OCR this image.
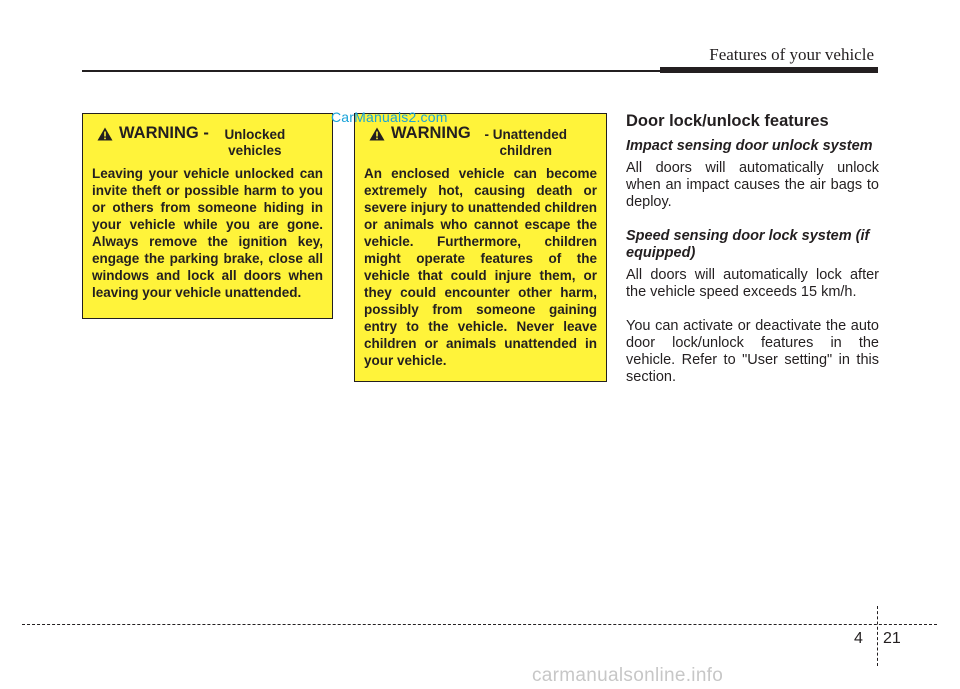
Features of your vehicle
WARNING -	Unlocked vehicles
Leaving your vehicle unlocked can invite theft or possible harm to you or others from someone hiding in your vehicle while you are gone. Always remove the ignition key, engage the parking brake, close all windows and lock all doors when leaving your vehicle unattended.
WARNING	- Unattended children
An enclosed vehicle can become extremely hot, causing death or severe injury to unattended children or animals who cannot escape the vehicle. Furthermore, children might operate features of the vehicle that could injure them, or they could encounter other harm, possibly from someone gaining entry to the vehicle. Never leave children or animals unattended in your vehicle.
CarManuals2.com	Door lock/unlock features
Impact sensing door unlock system
All doors will automatically unlock when an impact causes the air bags to deploy.
Speed sensing door lock system (if equipped)
All doors will automatically lock after the vehicle speed exceeds 15 km/h.
You can activate or deactivate the auto door lock/unlock features in the vehicle. Refer to "User setting" in this section.
4 21
carmanualsonline.info
